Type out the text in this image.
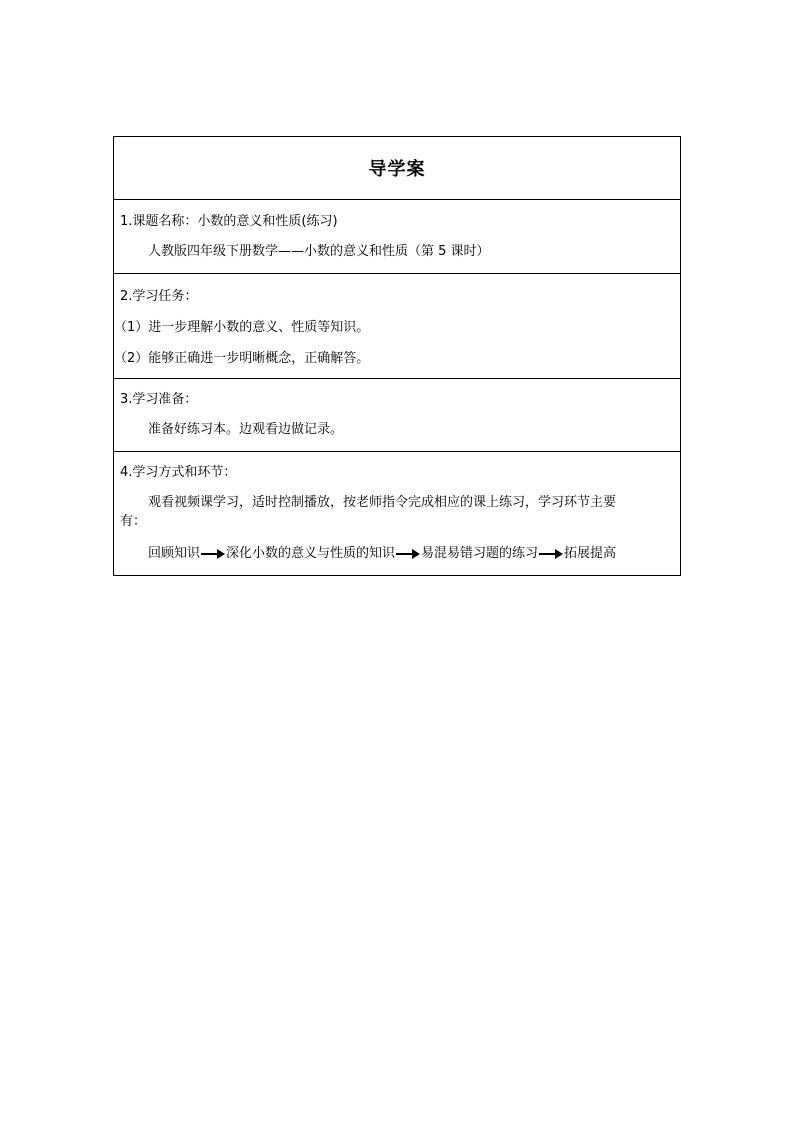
导学案
1.课题名称：小数的意义和性质(练习)
人教版四年级下册数学——小数的意义和性质（第 5 课时）
2.学习任务：
（1）进一步理解小数的意义、性质等知识。
（2）能够正确进一步明晰概念，正确解答。
3.学习准备：
准备好练习本。边观看边做记录。
4.学习方式和环节：
观看视频课学习，适时控制播放，按老师指令完成相应的课上练习，学习环节主要
有：
回顾知识 深化小数的意义与性质的知识 易混易错习题的练习 拓展提高
